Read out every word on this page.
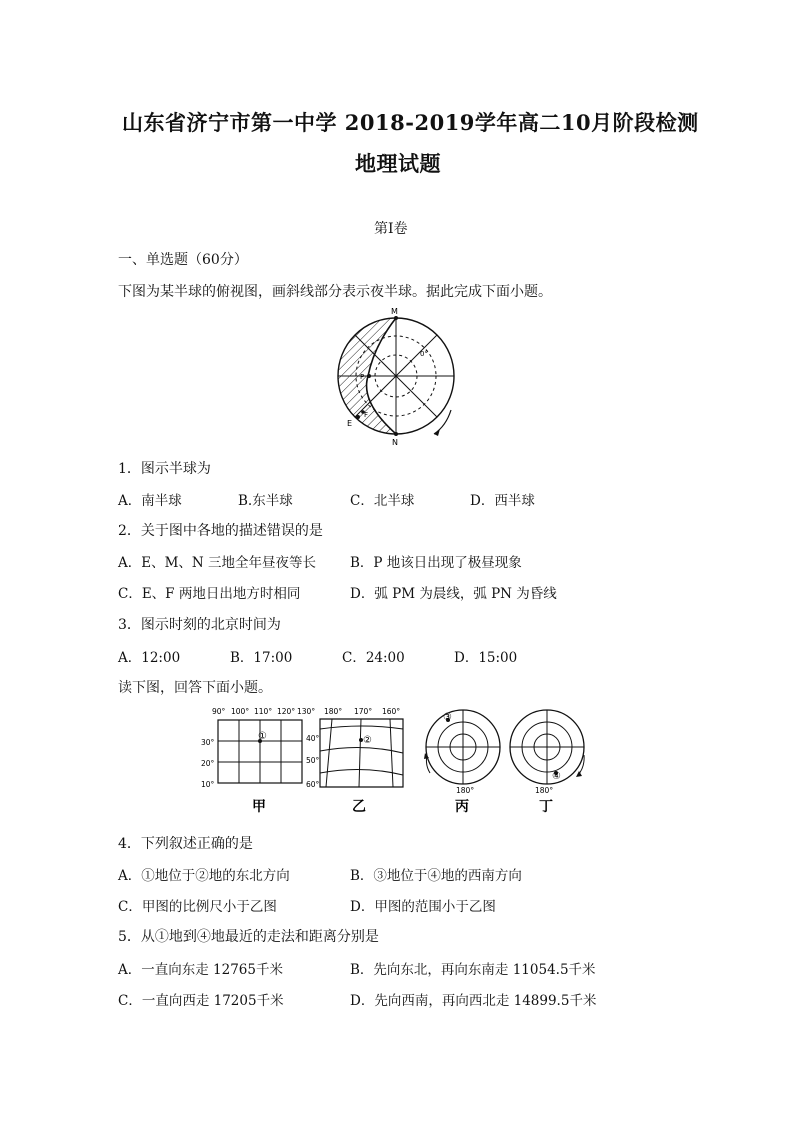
山东省济宁市第一中学 2018-2019学年高二10月阶段检测
地理试题
第I卷
一、单选题（60分）
下图为某半球的俯视图，画斜线部分表示夜半球。据此完成下面小题。
M
N
P
E
F
0°
1．图示半球为
A．南半球	B.东半球	C．北半球	D．西半球
2．关于图中各地的描述错误的是
A．E、M、N 三地全年昼夜等长	B．P 地该日出现了极昼现象
C．E、F 两地日出地方时相同	D．弧 PM 为晨线，弧 PN 为昏线
3．图示时刻的北京时间为
A．12:00	B．17:00	C．24:00	D．15:00
读下图，回答下面小题。
90° 100° 110° 120° 130°
30°
20°
10°
①
甲
180° 170° 160°
40°
50°
60°
②
乙
③
180°
丙
④
180°
丁
4．下列叙述正确的是
A．①地位于②地的东北方向	B．③地位于④地的西南方向
C．甲图的比例尺小于乙图	D．甲图的范围小于乙图
5．从①地到④地最近的走法和距离分别是
A．一直向东走 12765千米	B．先向东北，再向东南走 11054.5千米
C．一直向西走 17205千米	D．先向西南，再向西北走 14899.5千米
